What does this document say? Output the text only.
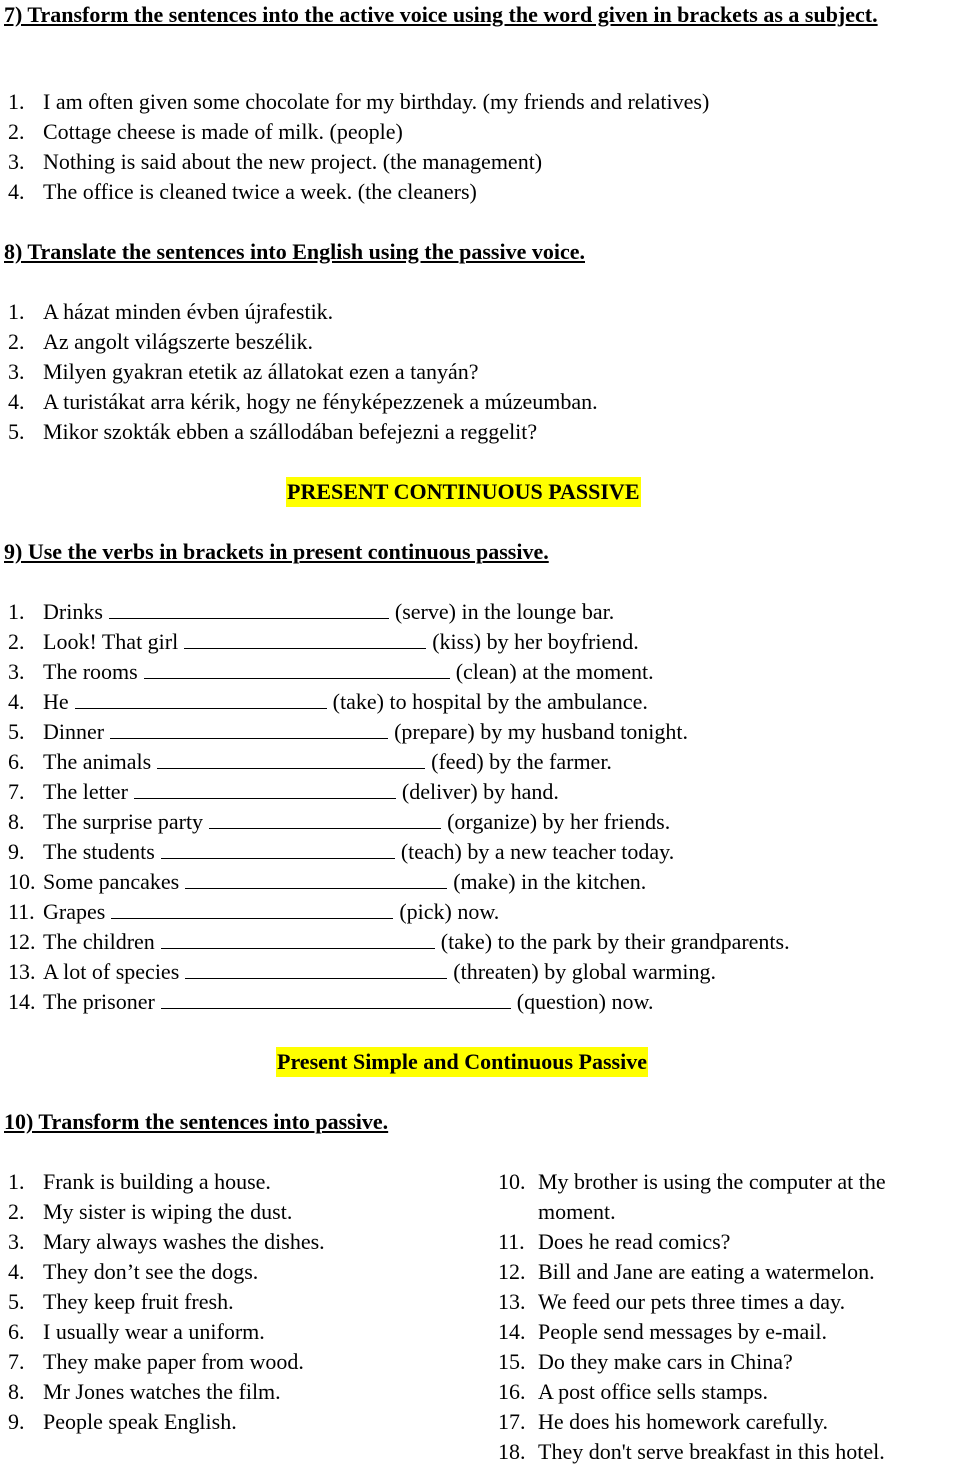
7) Transform the sentences into the active voice using the word given in brackets as a subject.
1. I am often given some chocolate for my birthday. (my friends and relatives)
2. Cottage cheese is made of milk. (people)
3. Nothing is said about the new project. (the management)
4. The office is cleaned twice a week. (the cleaners)
8) Translate the sentences into English using the passive voice.
1. A házat minden évben újrafestik.
2. Az angolt világszerte beszélik.
3. Milyen gyakran etetik az állatokat ezen a tanyán?
4. A turistákat arra kérik, hogy ne fényképezzenek a múzeumban.
5. Mikor szokták ebben a szállodában befejezni a reggelit?
PRESENT CONTINUOUS PASSIVE
9) Use the verbs in brackets in present continuous passive.
1. Drinks	(serve) in the lounge bar.
2. Look! That girl	(kiss) by her boyfriend.
3. The rooms	(clean) at the moment.
4. He	(take) to hospital by the ambulance.
5. Dinner	(prepare) by my husband tonight.
6. The animals	(feed) by the farmer.
7. The letter	(deliver) by hand.
8. The surprise party	(organize) by her friends.
9. The students	(teach) by a new teacher today.
10. Some pancakes	(make) in the kitchen.
11. Grapes	(pick) now.
12. The children	(take) to the park by their grandparents.
13. A lot of species	(threaten) by global warming.
14. The prisoner	(question) now.
Present Simple and Continuous Passive
10) Transform the sentences into passive.
1. Frank is building a house.
2. My sister is wiping the dust.
3. Mary always washes the dishes.
4. They don’t see the dogs.
5. They keep fruit fresh.
6. I usually wear a uniform.
7. They make paper from wood.
8. Mr Jones watches the film.
9. People speak English.
10. My brother is using the computer at the
moment.
11. Does he read comics?
12. Bill and Jane are eating a watermelon.
13. We feed our pets three times a day.
14. People send messages by e-mail.
15. Do they make cars in China?
16. A post office sells stamps.
17. He does his homework carefully.
18. They don't serve breakfast in this hotel.
